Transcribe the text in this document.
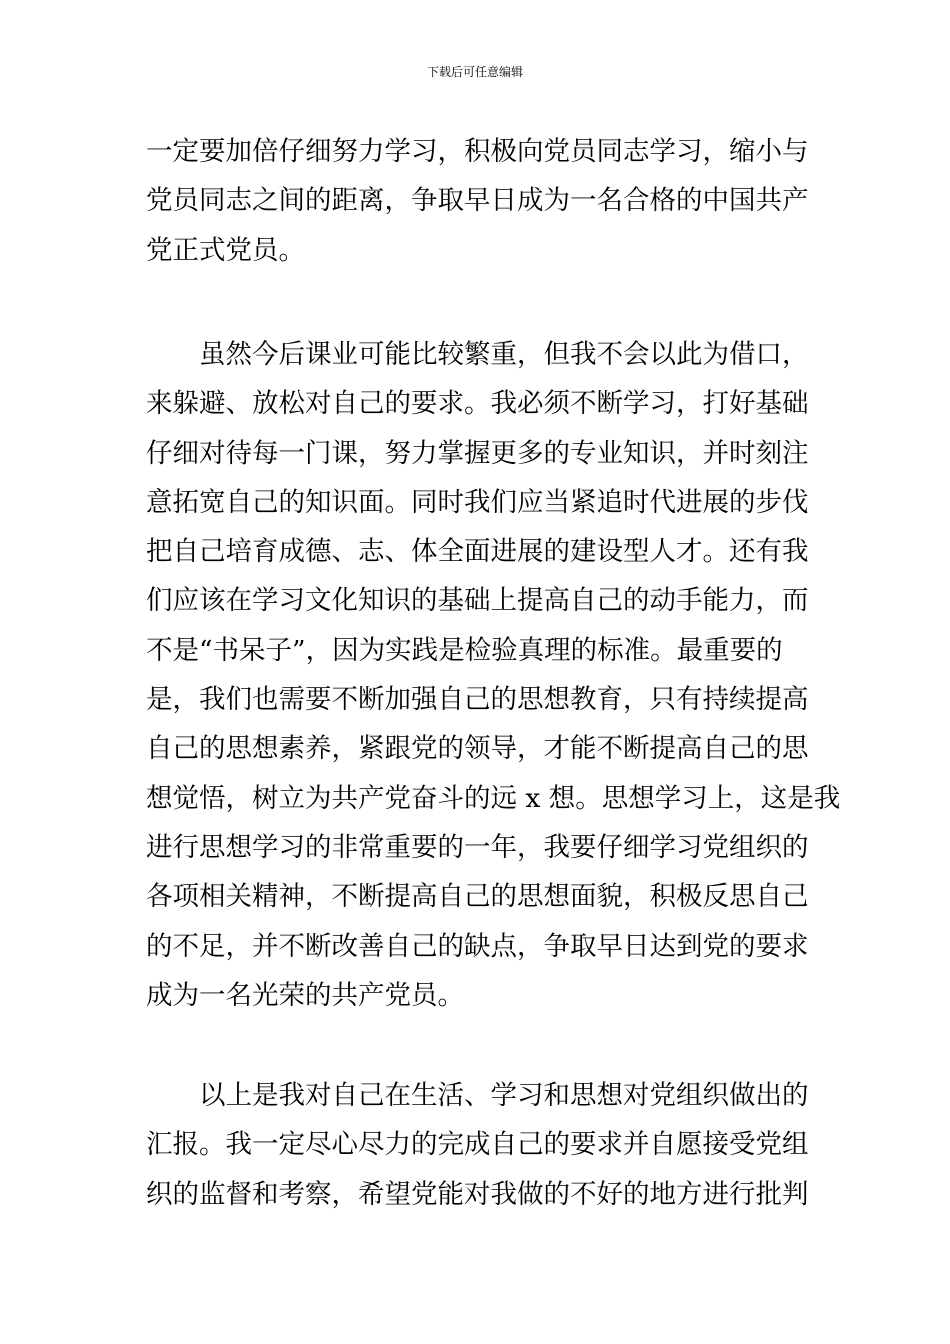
下载后可任意编辑
一定要加倍仔细努力学习，积极向党员同志学习，缩小与
党员同志之间的距离，争取早日成为一名合格的中国共产
党正式党员。
虽然今后课业可能比较繁重，但我不会以此为借口，
来躲避、放松对自己的要求。我必须不断学习，打好基础
仔细对待每一门课，努力掌握更多的专业知识，并时刻注
意拓宽自己的知识面。同时我们应当紧追时代进展的步伐
把自己培育成德、志、体全面进展的建设型人才。还有我
们应该在学习文化知识的基础上提高自己的动手能力，而
不是“书呆子”，因为实践是检验真理的标准。最重要的
是，我们也需要不断加强自己的思想教育，只有持续提高
自己的思想素养，紧跟党的领导，才能不断提高自己的思
想觉悟，树立为共产党奋斗的远 x 想。思想学习上，这是我
进行思想学习的非常重要的一年，我要仔细学习党组织的
各项相关精神，不断提高自己的思想面貌，积极反思自己
的不足，并不断改善自己的缺点，争取早日达到党的要求
成为一名光荣的共产党员。
以上是我对自己在生活、学习和思想对党组织做出的
汇报。我一定尽心尽力的完成自己的要求并自愿接受党组
织的监督和考察，希望党能对我做的不好的地方进行批判
